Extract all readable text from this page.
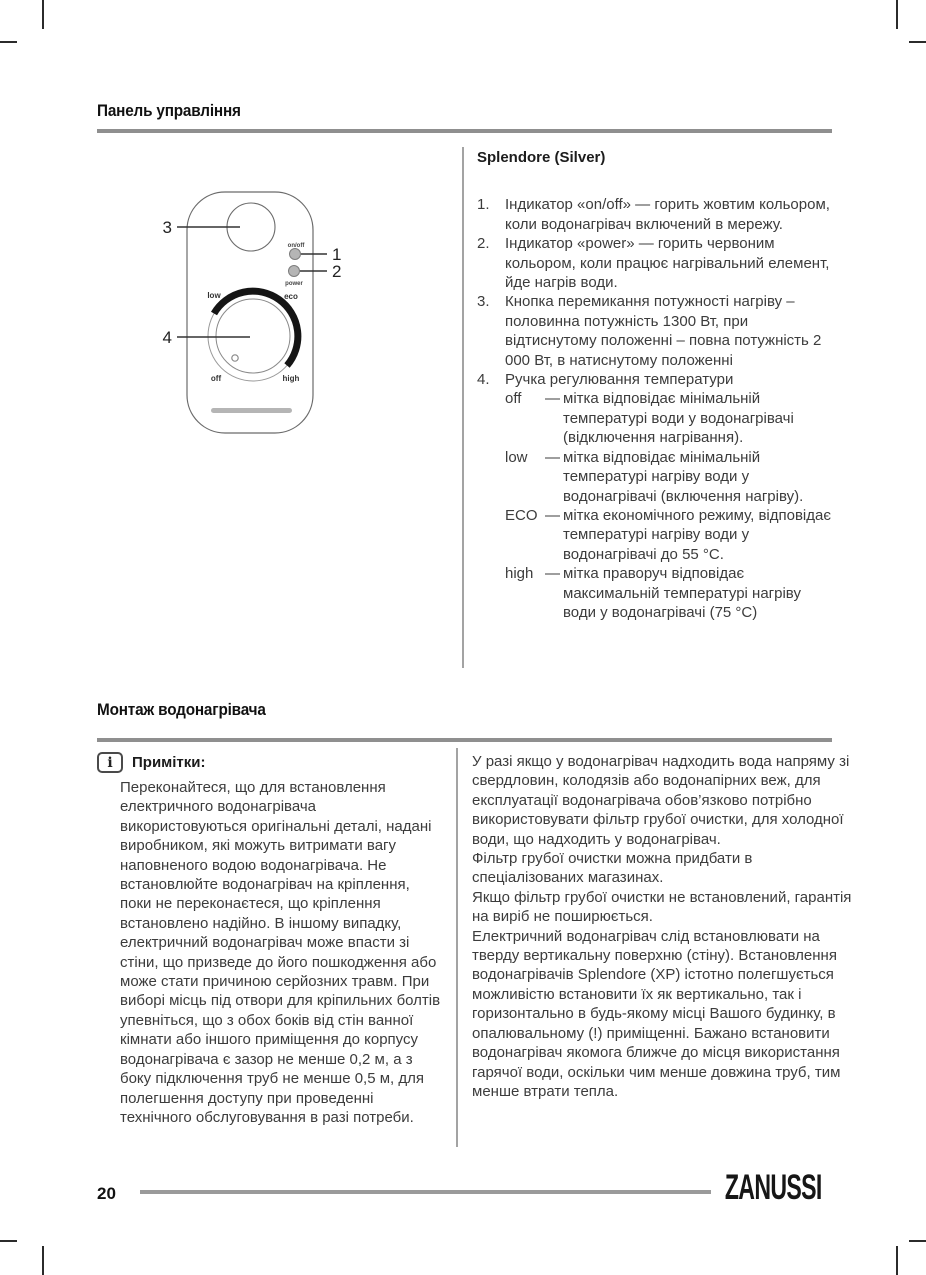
Панель управління
3
on/off 1
2
power
4
low	eco
off	high

Splendore (Silver)

1.	Індикатор «on/off» — горить жовтим кольором, коли водонагрівач включений в мережу.
2.	Індикатор «power» — горить червоним кольором, коли працює нагрівальний елемент, йде нагрів води.
3.	Кнопка перемикання потужності нагріву – половинна потужність 1300 Вт, при відтиснутому положенні – повна потужність 2 000 Вт, в натиснутому положенні
4.	Ручка регулювання температури
off	— мітка відповідає мінімальній температурі води у водонагрівачі (відключення нагрівання).
low	— мітка відповідає мінімальній температурі нагріву води у водонагрівачі (включення нагріву).
ECO — мітка економічного режиму, відповідає температурі нагріву води у водонагрівачі до 55 °C.
high — мітка праворуч відповідає максимальній температурі нагріву води у водонагрівачі (75 °C)
Монтаж водонагрівача
i	Примітки:

Переконайтеся, що для встановлення електричного водонагрівача використовуються оригінальні деталі, надані виробником, які можуть витримати вагу наповненого водою водонагрівача. Не встановлюйте водонагрівач на кріплення, поки не переконаєтеся, що кріплення встановлено надійно. В іншому випадку, електричний водонагрівач може впасти зі стіни, що призведе до його пошкодження або може стати причиною серйозних травм. При виборі місць під отвори для кріпильних болтів упевніться, що з обох боків від стін ванної кімнати або іншого приміщення до корпусу водонагрівача є зазор не менше 0,2 м, а з боку підключення труб не менше 0,5 м, для полегшення доступу при проведенні технічного обслуговування в разі потреби.

У разі якщо у водонагрівач надходить вода напряму зі свердловин, колодязів або водонапірних веж, для експлуатації водонагрівача обов’язково потрібно використовувати фільтр грубої очистки, для холодної води, що надходить у водонагрівач.

Фільтр грубої очистки можна придбати в спеціалізованих магазинах.

Якщо фільтр грубої очистки не встановлений, гарантія на виріб не поширюється.

Електричний водонагрівач слід встановлювати на тверду вертикальну поверхню (стіну). Встановлення водонагрівачів Splendore (XP) істотно полегшується можливістю встановити їх як вертикально, так і горизонтально в будь-якому місці Вашого будинку, в опалювальному (!) приміщенні. Бажано встановити водонагрівач якомога ближче до місця використання гарячої води, оскільки чим менше довжина труб, тим менше втрати тепла.

20	ZANUSSI
